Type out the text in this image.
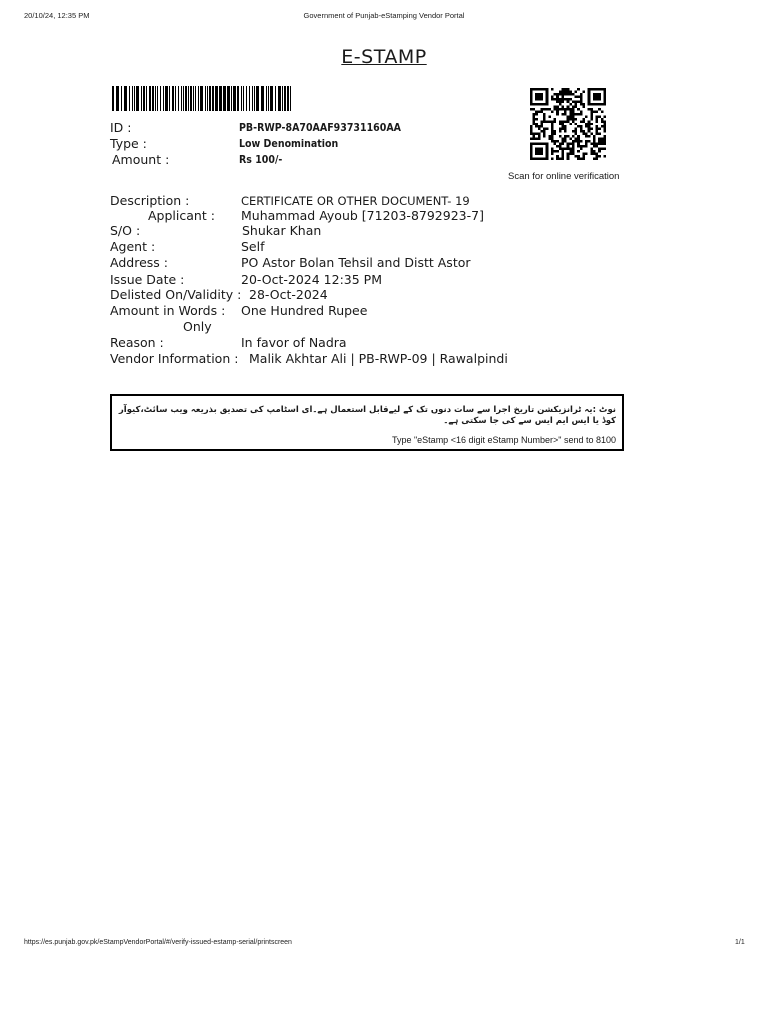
20/10/24, 12:35 PM	Government of Punjab-eStamping Vendor Portal
E-STAMP
Scan for online verification
ID :	PB-RWP-8A70AAF93731160AA
Type :	Low Denomination
Amount :	Rs 100/-
Description :	CERTIFICATE OR OTHER DOCUMENT- 19
Applicant : Muhammad Ayoub [71203-8792923-7]
S/O :	Shukar Khan
Agent :	Self
Address :	PO Astor Bolan Tehsil and Distt Astor
Issue Date :	20-Oct-2024 12:35 PM
Delisted On/Validity : 28-Oct-2024
Amount in Words : One Hundred Rupee
Only
Reason :	In favor of Nadra
Vendor Information : Malik Akhtar Ali | PB-RWP-09 | Rawalpindi
نوٹ :یہ ٹرانزیکشن تاریخ اجرا سے سات دنوں تک کے لیےقابل استعمال ہے۔ای اسٹامپ کی تصدیق بذریعہ ویب سائٹ،کیوآر کوڈ یا ایس ایم ایس سے کی جا سکتی ہے۔
Type "eStamp <16 digit eStamp Number>" send to 8100
https://es.punjab.gov.pk/eStampVendorPortal/#/verify-issued-estamp-serial/printscreen	1/1
